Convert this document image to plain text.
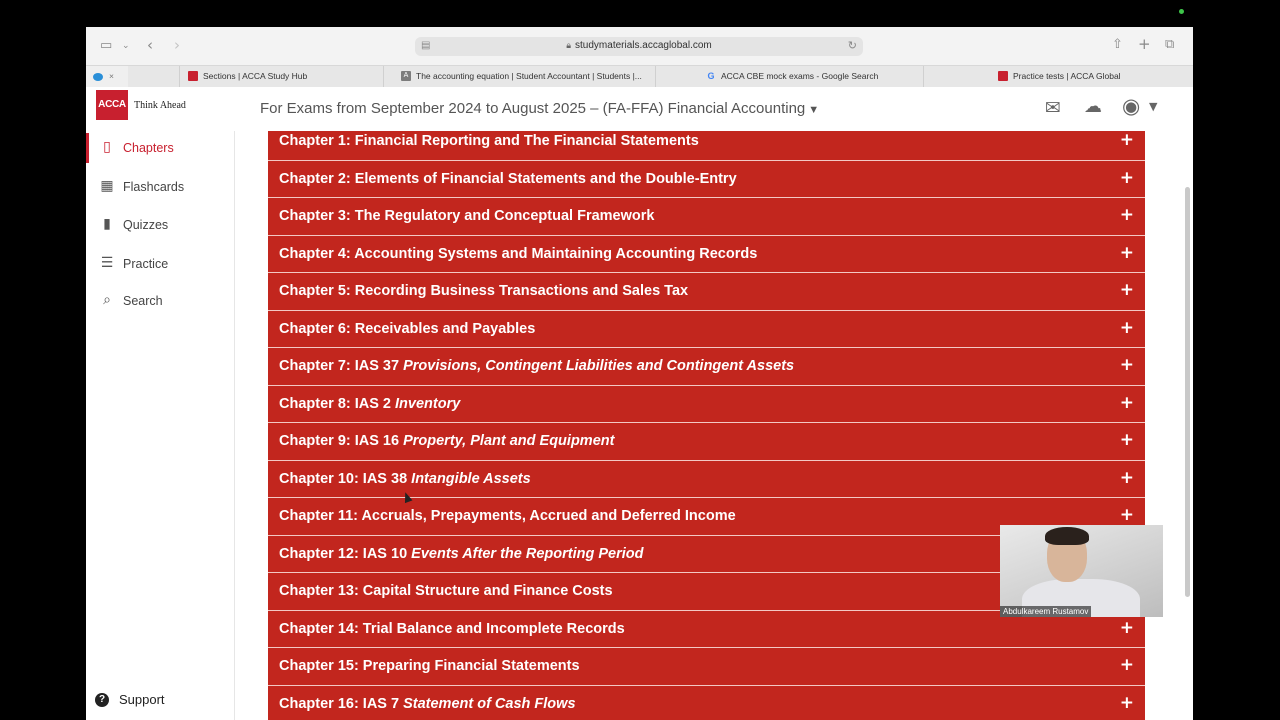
▭ ⌄ ‹ ›	▤	🔒︎ studymaterials.accaglobal.com	↻	⇧ + ⧉
×	Sections | ACCA Study Hub	A The accounting equation | Student Accountant | Students |...	G ACCA CBE mock exams - Google Search	Practice tests | ACCA Global
ACCA Think Ahead	For Exams from September 2024 to August 2025 – (FA-FFA) Financial Accounting ▼	✉ ☁ ◉ ▼
▯ Chapters
▦ Flashcards
▮ Quizzes
☰ Practice
⌕ Search
?	Support
Chapter 1: Financial Reporting and The Financial Statements	+
Chapter 2: Elements of Financial Statements and the Double-Entry	+
Chapter 3: The Regulatory and Conceptual Framework	+
Chapter 4: Accounting Systems and Maintaining Accounting Records	+
Chapter 5: Recording Business Transactions and Sales Tax	+
Chapter 6: Receivables and Payables	+
Chapter 7: IAS 37 Provisions, Contingent Liabilities and Contingent Assets	+
Chapter 8: IAS 2 Inventory	+
Chapter 9: IAS 16 Property, Plant and Equipment	+
Chapter 10: IAS 38 Intangible Assets	+
Chapter 11: Accruals, Prepayments, Accrued and Deferred Income	+
Chapter 12: IAS 10 Events After the Reporting Period
Chapter 13: Capital Structure and Finance Costs
Chapter 14: Trial Balance and Incomplete Records	+
Chapter 15: Preparing Financial Statements	+
Chapter 16: IAS 7 Statement of Cash Flows	+
Abdulkareem Rustamov
